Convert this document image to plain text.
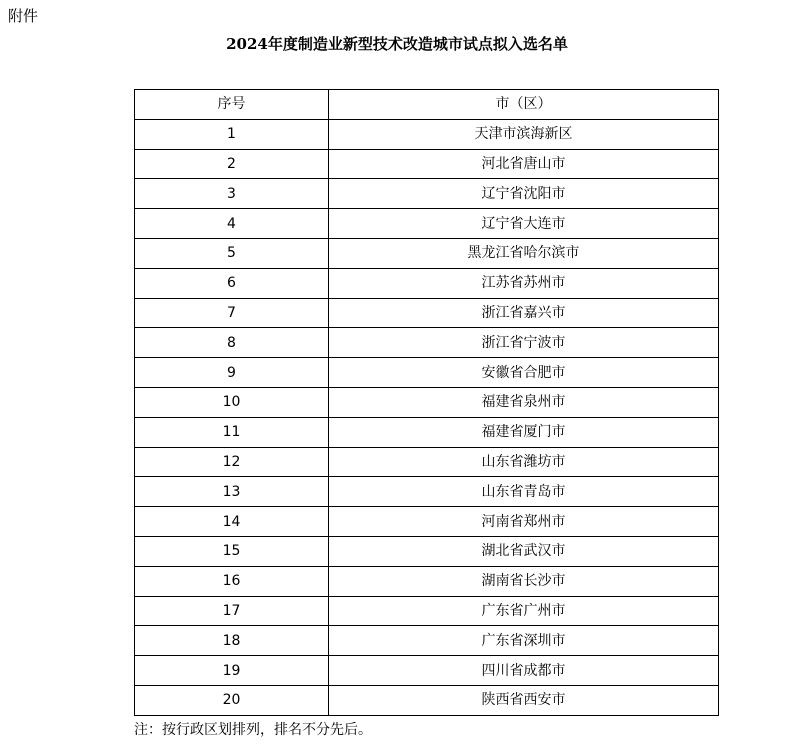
附件
2024年度制造业新型技术改造城市试点拟入选名单
序号	市（区）
1	天津市滨海新区
2	河北省唐山市
3	辽宁省沈阳市
4	辽宁省大连市
5	黑龙江省哈尔滨市
6	江苏省苏州市
7	浙江省嘉兴市
8	浙江省宁波市
9	安徽省合肥市
10	福建省泉州市
11	福建省厦门市
12	山东省潍坊市
13	山东省青岛市
14	河南省郑州市
15	湖北省武汉市
16	湖南省长沙市
17	广东省广州市
18	广东省深圳市
19	四川省成都市
20	陕西省西安市
注：按行政区划排列，排名不分先后。
